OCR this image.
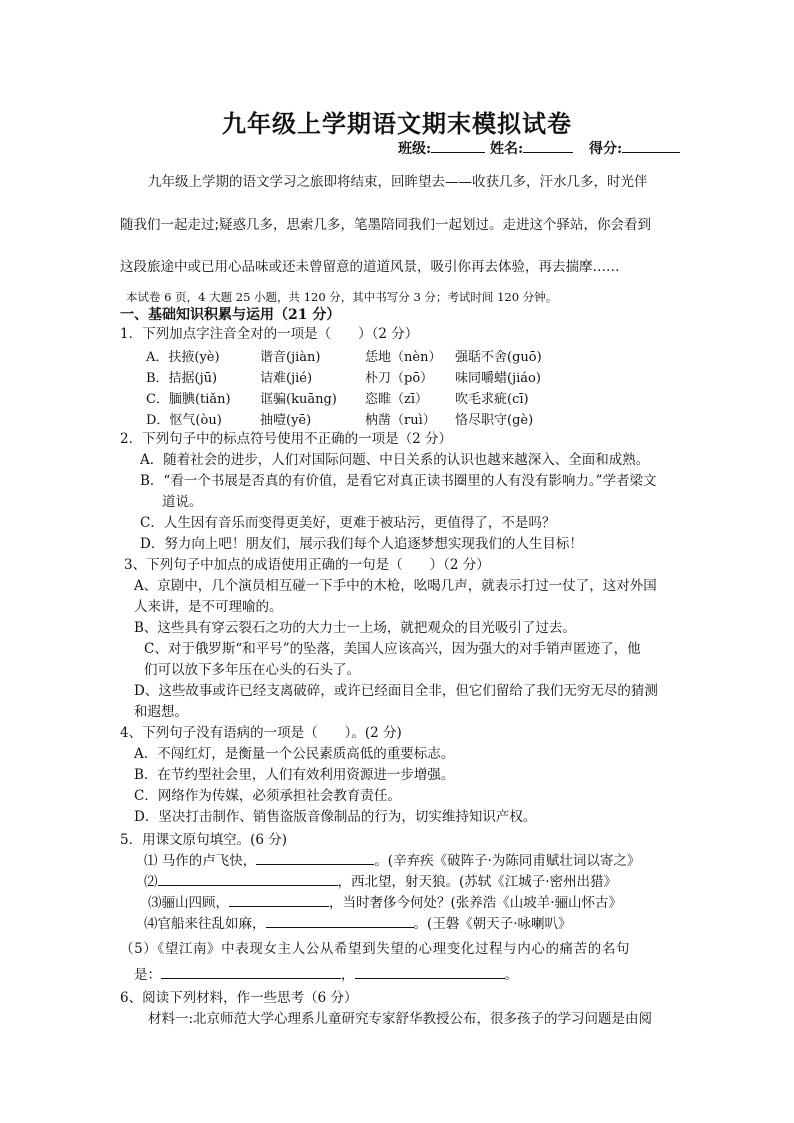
九年级上学期语文期末模拟试卷
班级:	姓名:	得分:
九年级上学期的语文学习之旅即将结束，回眸望去——收获几多，汗水几多，时光伴
随我们一起走过;疑惑几多，思索几多，笔墨陪同我们一起划过。走进这个驿站，你会看到
这段旅途中或已用心品味或还未曾留意的道道风景，吸引你再去体验，再去揣摩……
本试卷 6 页，4 大题 25 小题，共 120 分，其中书写分 3 分；考试时间 120 分钟。
一、基础知识积累与运用（21 分）
1．下列加点字注音全对的一项是（　　）（2 分）
A．扶掖(yè)	谐音(jiàn)	恁地（nèn） 强聒不舍(guō)
B．拮据(jū)	诘难(jié)	朴刀（pō） 味同嚼蜡(jiáo)
C．腼腆(tiǎn) 诓骗(kuāng) 恣睢（zī） 吹毛求疵(cī)
D．怄气(òu)	抽噎(yē)	枘凿（ruì） 恪尽职守(gè)
2．下列句子中的标点符号使用不正确的一项是（2 分）
A．随着社会的进步，人们对国际问题、中日关系的认识也越来越深入、全面和成熟。
B．“看一个书展是否真的有价值，是看它对真正读书圈里的人有没有影响力。”学者梁文
道说。
C．人生因有音乐而变得更美好，更难于被玷污，更值得了，不是吗？
D．努力向上吧！朋友们，展示我们每个人追逐梦想实现我们的人生目标！
3、下列句子中加点的成语使用正确的一句是（　　）（2 分）
A、京剧中，几个演员相互碰一下手中的木枪，吆喝几声，就表示打过一仗了，这对外国
人来讲，是不可理喻的。
B、这些具有穿云裂石之功的大力士一上场，就把观众的目光吸引了过去。
C、对于俄罗斯“和平号”的坠落，美国人应该高兴，因为强大的对手销声匿迹了，他
们可以放下多年压在心头的石头了。
D、这些故事或许已经支离破碎，或许已经面目全非，但它们留给了我们无穷无尽的猜测
和遐想。
4、下列句子没有语病的一项是（　　）。(2 分)
A．不闯红灯，是衡量一个公民素质高低的重要标志。
B．在节约型社会里，人们有效利用资源进一步增强。
C．网络作为传媒，必须承担社会教育责任。
D．坚决打击制作、销售盗版音像制品的行为，切实维持知识产权。
5．用课文原句填空。(6 分)
⑴ 马作的卢飞快，	。(辛弃疾《破阵子·为陈同甫赋壮词以寄之》
⑵	，西北望，射天狼。(苏轼《江城子·密州出猎》
⑶骊山四顾，	，当时奢侈今何处？(张养浩《山坡羊·骊山怀古》
⑷官船来往乱如麻，	。(王磐《朝天子·咏喇叭》
（5）《望江南》中表现女主人公从希望到失望的心理变化过程与内心的痛苦的名句
是：	，	。
6、阅读下列材料，作一些思考（6 分）
材料一:北京师范大学心理系儿童研究专家舒华教授公布，很多孩子的学习问题是由阅
